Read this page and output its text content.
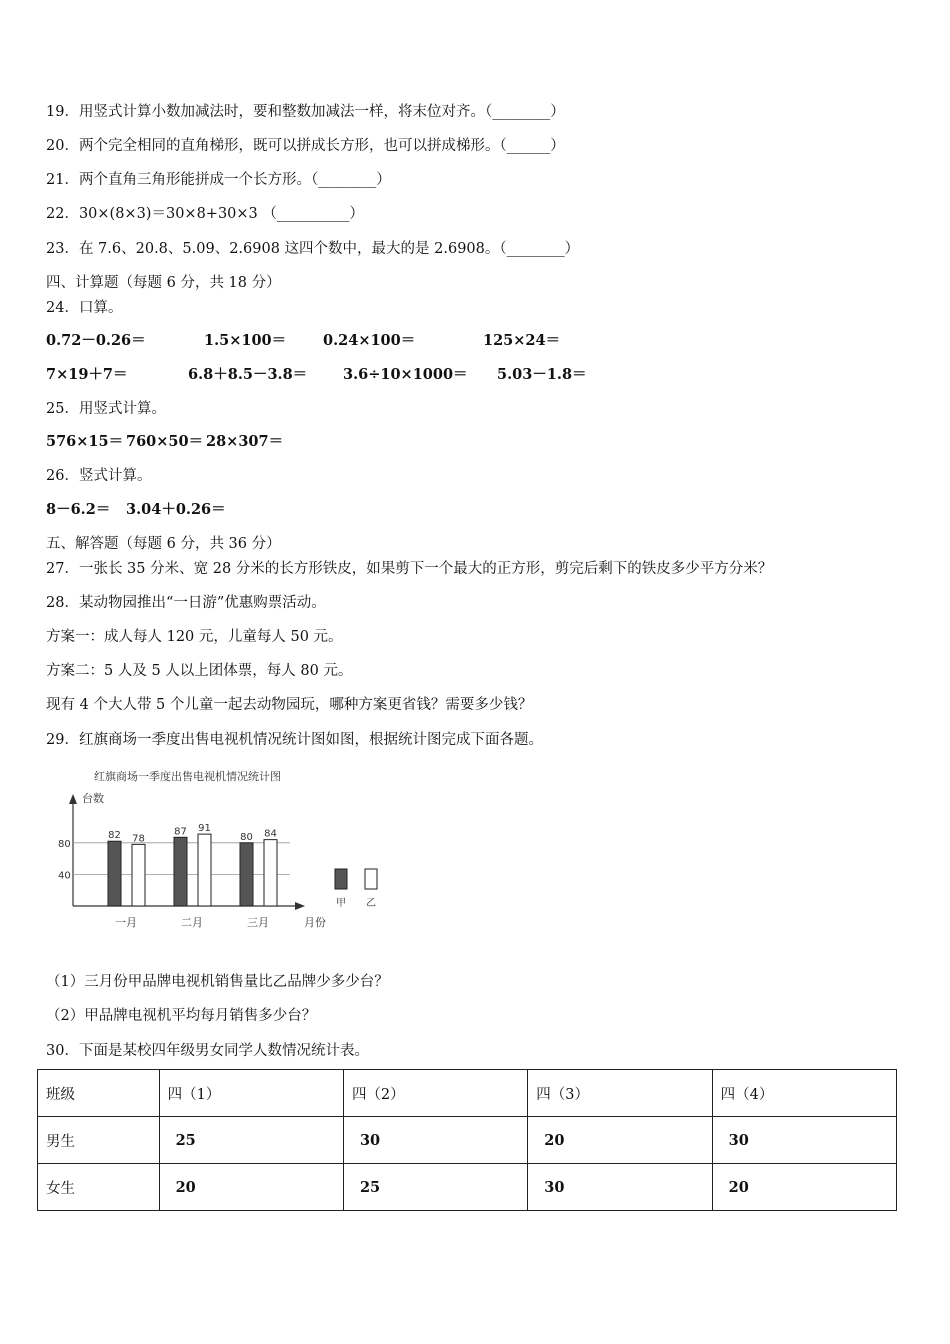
19．用竖式计算小数加减法时，要和整数加减法一样，将末位对齐。（________）
20．两个完全相同的直角梯形，既可以拼成长方形，也可以拼成梯形。（______）
21．两个直角三角形能拼成一个长方形。（________）
22．30×(8×3)＝30×8+30×3 （__________）
23．在 7.6、20.8、5.09、2.6908 这四个数中，最大的是 2.6908。（________）
四、计算题（每题 6 分，共 18 分）
24．口算。
0.72－0.26＝	1.5×100＝	0.24×100＝	125×24＝
7×19＋7＝	6.8＋8.5－3.8＝ 3.6÷10×1000＝ 5.03－1.8＝
25．用竖式计算。
576×15＝ 760×50＝ 28×307＝
26．竖式计算。
8－6.2＝ 3.04＋0.26＝
五、解答题（每题 6 分，共 36 分）
27．一张长 35 分米、宽 28 分米的长方形铁皮，如果剪下一个最大的正方形，剪完后剩下的铁皮多少平方分米？
28．某动物园推出“一日游”优惠购票活动。
方案一：成人每人 120 元，儿童每人 50 元。
方案二：5 人及 5 人以上团体票，每人 80 元。
现有 4 个大人带 5 个儿童一起去动物园玩，哪种方案更省钱？需要多少钱？
29．红旗商场一季度出售电视机情况统计图如图，根据统计图完成下面各题。
红旗商场一季度出售电视机情况统计图
台数
月份
40
80
82 78
87 91
80 84
一月	二月	三月
甲 乙
（1）三月份甲品牌电视机销售量比乙品牌少多少台？
（2）甲品牌电视机平均每月销售多少台？
30．下面是某校四年级男女同学人数情况统计表。
班级	四（1）	四（2）	四（3）	四（4）
男生	25	30	20	30
女生	20	25	30	20
